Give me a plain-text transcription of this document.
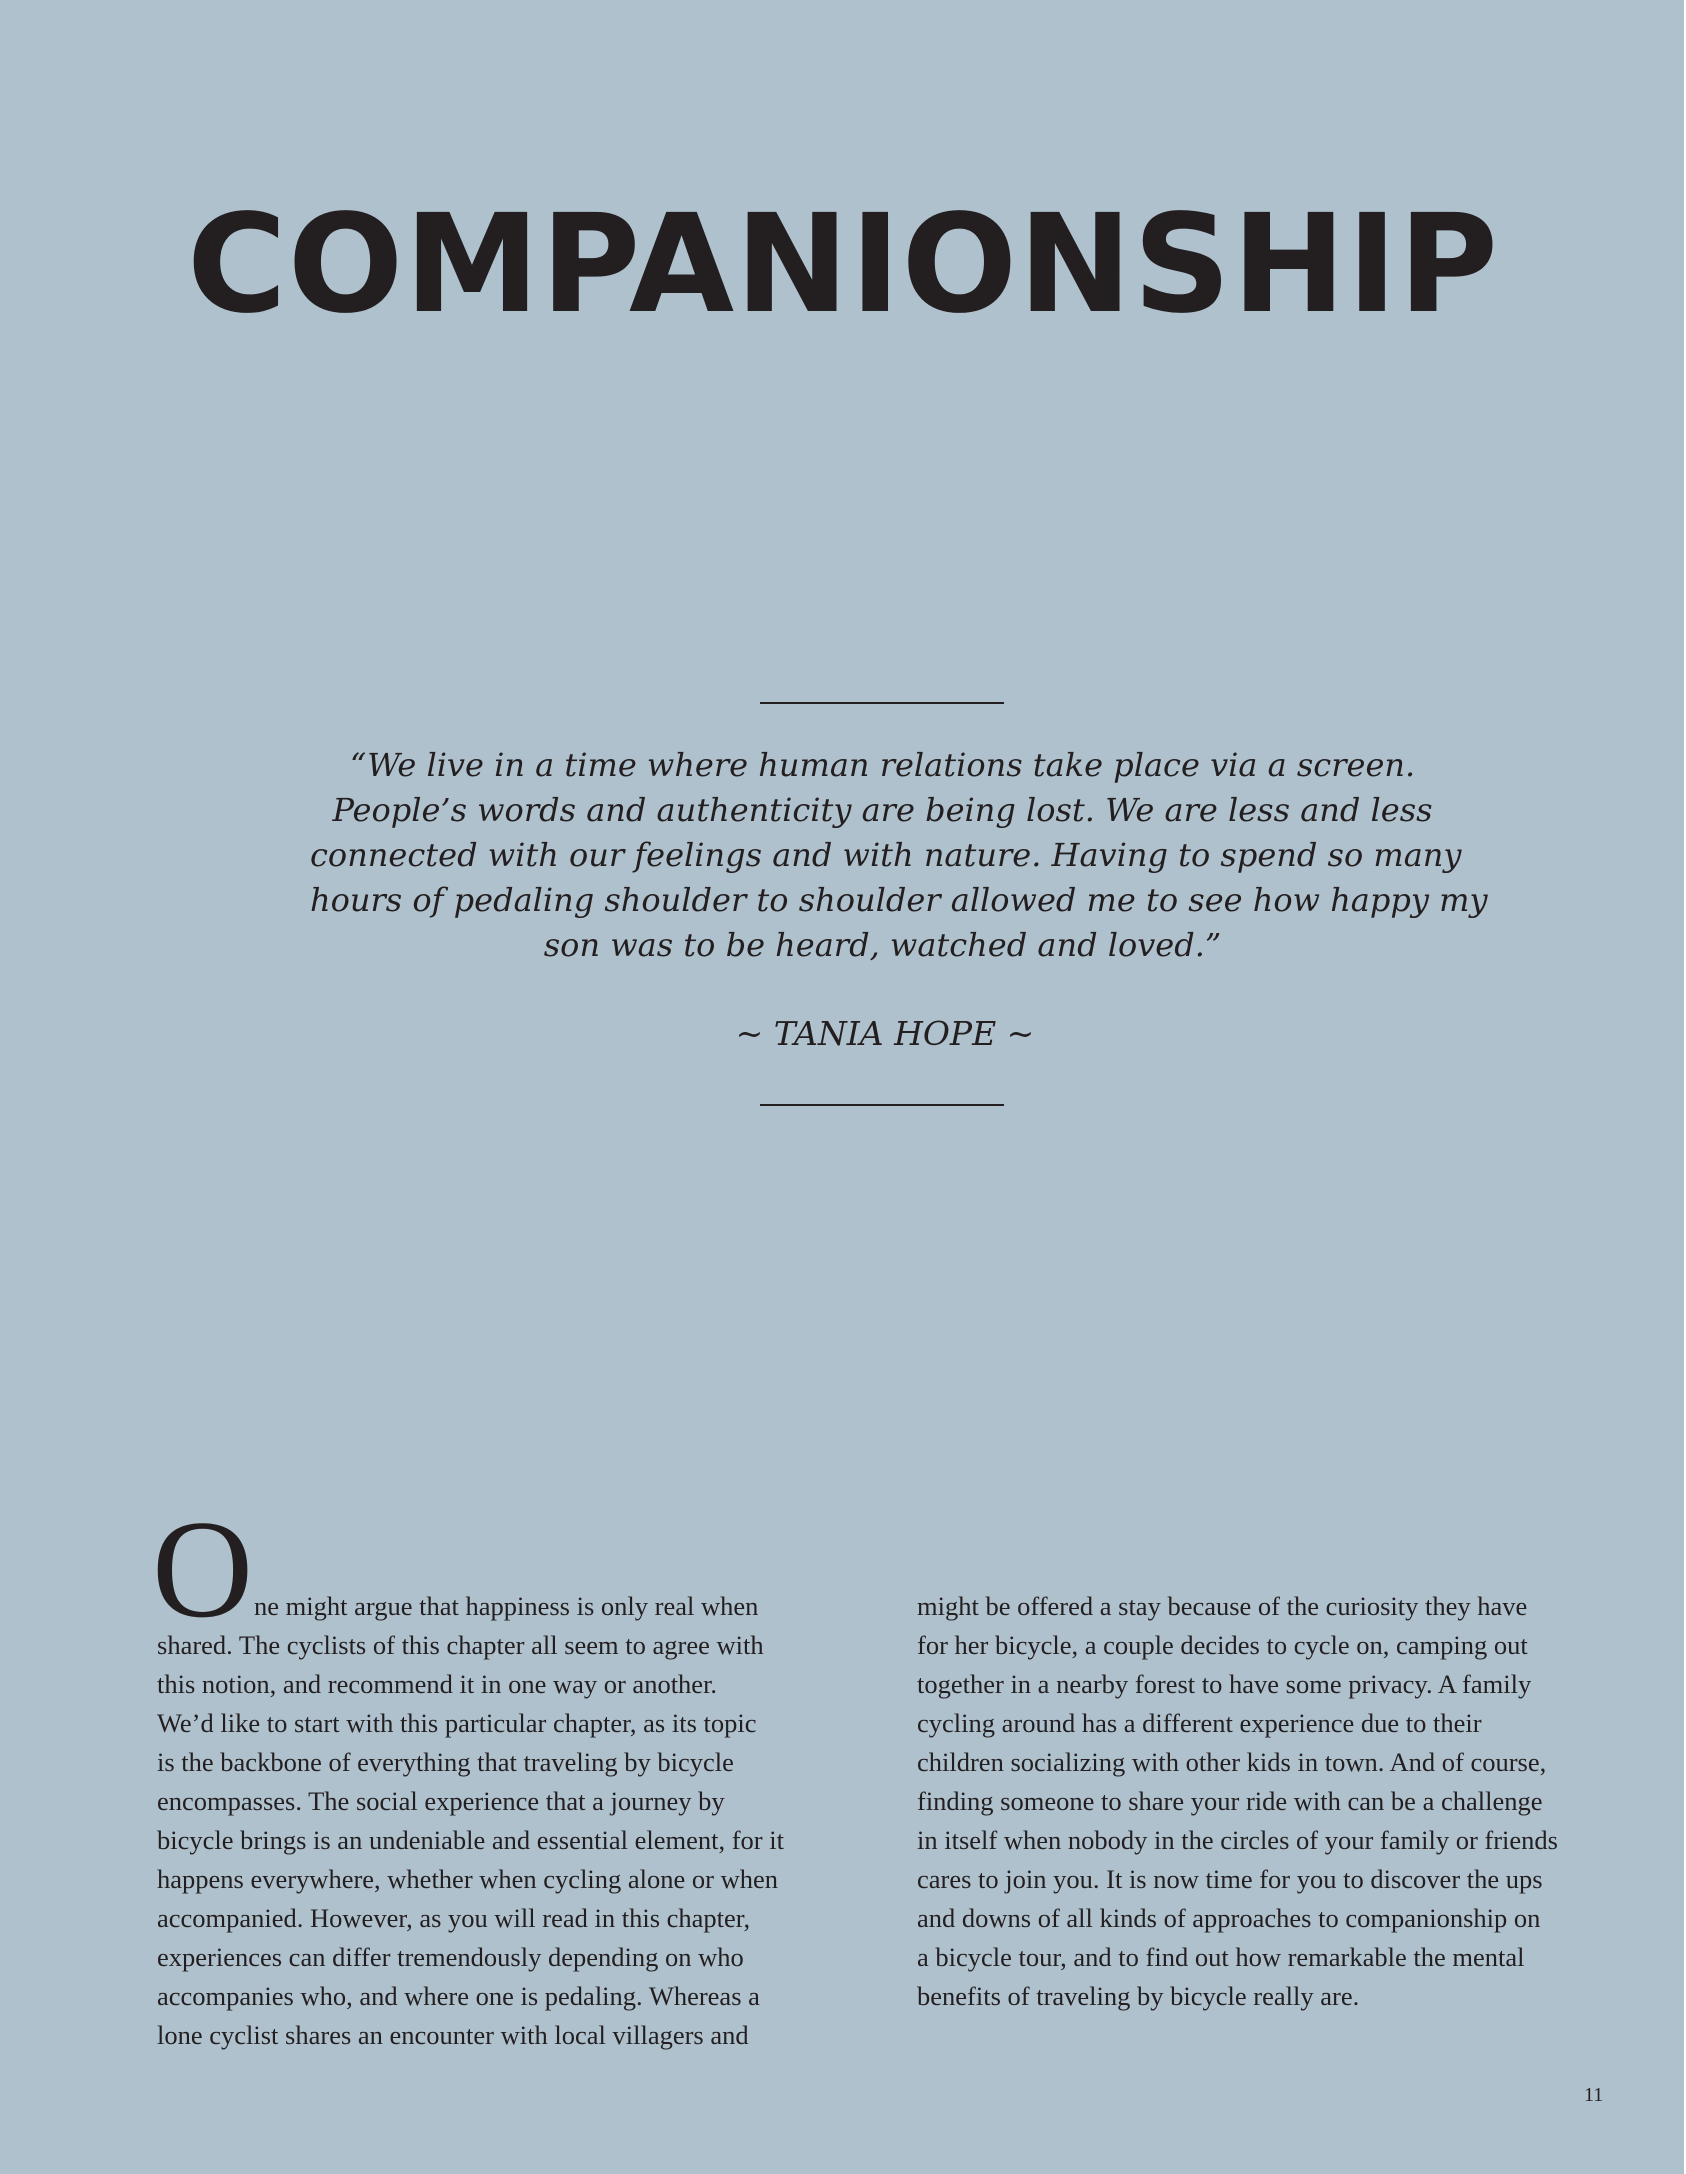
COMPANIONSHIP

“We live in a time where human relations take place via a screen.
People’s words and authenticity are being lost. We are less and less
connected with our feelings and with nature. Having to spend so many
hours of pedaling shoulder to shoulder allowed me to see how happy my
son was to be heard, watched and loved.”

~ TANIA HOPE ~

O ne might argue that happiness is only real when
shared. The cyclists of this chapter all seem to agree with
this notion, and recommend it in one way or another.
We’d like to start with this particular chapter, as its topic
is the backbone of everything that traveling by bicycle
encompasses. The social experience that a journey by
bicycle brings is an undeniable and essential element, for it
happens everywhere, whether when cycling alone or when
accompanied. However, as you will read in this chapter,
experiences can differ tremendously depending on who
accompanies who, and where one is pedaling. Whereas a
lone cyclist shares an encounter with local villagers and
might be offered a stay because of the curiosity they have
for her bicycle, a couple decides to cycle on, camping out
together in a nearby forest to have some privacy. A family
cycling around has a different experience due to their
children socializing with other kids in town. And of course,
finding someone to share your ride with can be a challenge
in itself when nobody in the circles of your family or friends
cares to join you. It is now time for you to discover the ups
and downs of all kinds of approaches to companionship on
a bicycle tour, and to find out how remarkable the mental
benefits of traveling by bicycle really are.
11
